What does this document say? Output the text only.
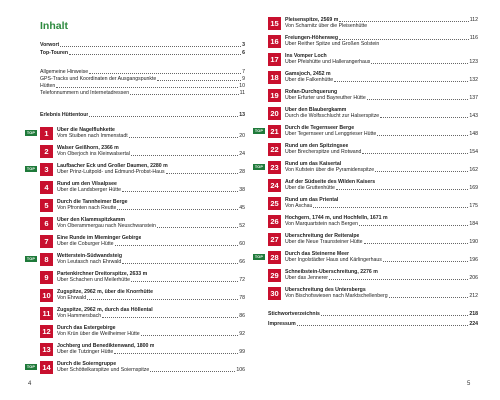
Inhalt
Vorwort	3
Top-Touren	6
Allgemeine Hinweise	7
GPS-Tracks und Koordinaten der Ausgangspunkte	9
Hütten	10
Telefonnummern und Internetadressen	11
Erlebnis Hüttentour	13
TOP	1	Über die Nagelfluhkette
Vom Stuiben nach Immenstadt	20
2	Walser Geißhorn, 2366 m
Von Oberjoch ins Kleinwalsertal	24
TOP	3	Laufbacher Eck und Großer Daumen, 2280 m
Über Prinz-Luitpold- und Edmund-Probst-Haus	28
4	Rund um den Vilsalpsee
Über die Landsberger Hütte	38
5	Durch die Tannheimer Berge
Von Pfronten nach Reutte	45
6	Über den Klammspitzkamm
Von Oberammergau nach Neuschwanstein	52
7	Eine Runde im Mieminger Gebirge
Über die Coburger Hütte	60
TOP	8	Wetterstein-Südwandsteig
Von Leutasch nach Ehrwald	66
9	Partenkirchner Dreitorspitze, 2633 m
Über Schachen und Meilerhütte	72
10	Zugspitze, 2962 m, über die Knorrhütte
Von Ehrwald	78
11	Zugspitze, 2962 m, durch das Höllental
Von Hammersbach	86
12	Durch das Estergebirge
Von Krün über die Weilheimer Hütte	92
13	Jochberg und Benediktenwand, 1800 m
Über die Tutzinger Hütte	99
TOP 14	Durch die Soierngruppe
Über Schöttelkarspitze und Soiernspitze	106
15	Pleisenspitze, 2569 m	112
Von Scharnitz über die Pleisenhütte
16	Freiungen-Höhenweg	116
Über Reither Spitze und Großen Solstein
17	Ins Vomper Loch
Über Pfeishütte und Hallerangerhaus	123
18	Gamsjoch, 2452 m
Über die Falkenhütte	132
19	Rofan-Durchquerung
Über Erfurter und Bayreuther Hütte	137
20	Über den Blaubergkamm
Durch die Wolfsschlucht zur Halserspitze	143
TOP 21	Durch die Tegernseer Berge
Über Tegernseer und Lenggrieser Hütte	148
22	Rund um den Spitzingsee
Über Brecherspitze und Rotwand	154
TOP 23	Rund um das Kaisertal
Von Kufstein über die Pyramidenspitze	162
24	Auf der Südseite des Wilden Kaisers
Über die Gruttenhütte	169
25	Rund um das Priental
Von Aschau	175
26	Hochgern, 1744 m, und Hochfelln, 1671 m
Von Marquartstein nach Bergen	184
27	Überschreitung der Reiteralpe
Über die Neue Traunsteiner Hütte	190
TOP 28	Durch das Steinerne Meer
Über Ingolstädter Haus und Kärlingerhaus	196
29	Schneibstein-Überschreitung, 2276 m
Über das Jennerer	206
30	Überschreitung des Untersbergs
Von Bischofswiesen nach Marktschellenberg	212
Stichwortverzeichnis	218
Impressum	224
4	5
